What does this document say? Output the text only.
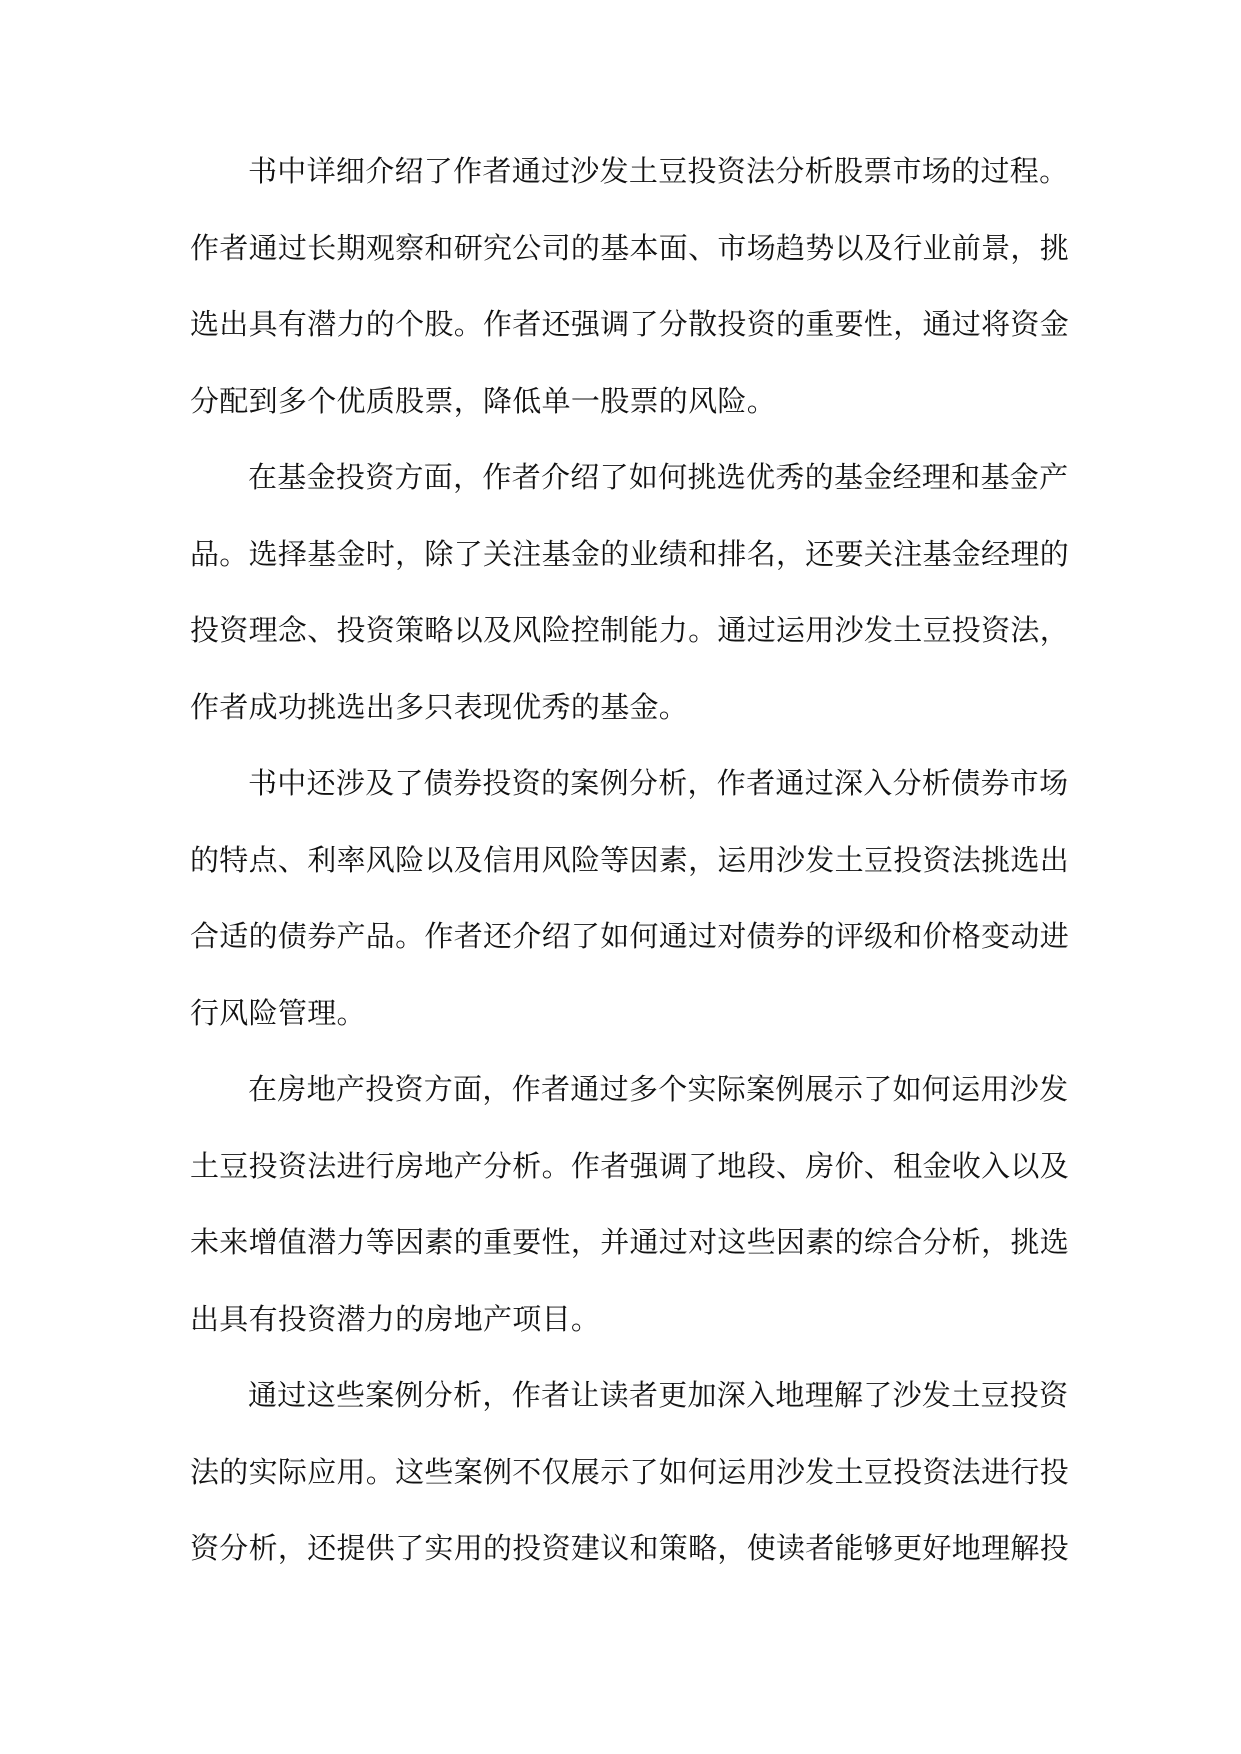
书中详细介绍了作者通过沙发土豆投资法分析股票市场的过程。
作者通过长期观察和研究公司的基本面、市场趋势以及行业前景，挑
选出具有潜力的个股。作者还强调了分散投资的重要性，通过将资金
分配到多个优质股票，降低单一股票的风险。
在基金投资方面，作者介绍了如何挑选优秀的基金经理和基金产
品。选择基金时，除了关注基金的业绩和排名，还要关注基金经理的
投资理念、投资策略以及风险控制能力。通过运用沙发土豆投资法，
作者成功挑选出多只表现优秀的基金。
书中还涉及了债券投资的案例分析，作者通过深入分析债券市场
的特点、利率风险以及信用风险等因素，运用沙发土豆投资法挑选出
合适的债券产品。作者还介绍了如何通过对债券的评级和价格变动进
行风险管理。
在房地产投资方面，作者通过多个实际案例展示了如何运用沙发
土豆投资法进行房地产分析。作者强调了地段、房价、租金收入以及
未来增值潜力等因素的重要性，并通过对这些因素的综合分析，挑选
出具有投资潜力的房地产项目。
通过这些案例分析，作者让读者更加深入地理解了沙发土豆投资
法的实际应用。这些案例不仅展示了如何运用沙发土豆投资法进行投
资分析，还提供了实用的投资建议和策略，使读者能够更好地理解投
